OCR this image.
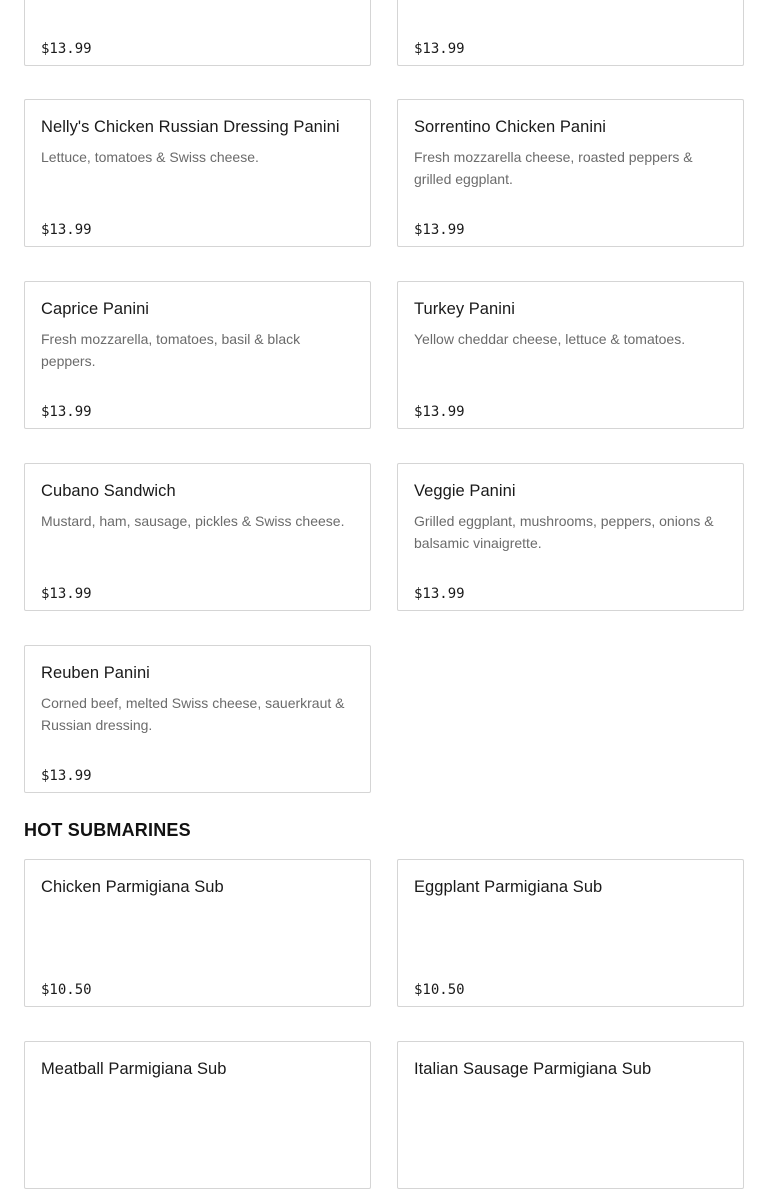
$13.99	$13.99
Nelly's Chicken Russian Dressing Panini
Lettuce, tomatoes & Swiss cheese.
$13.99
Sorrentino Chicken Panini
Fresh mozzarella cheese, roasted peppers & grilled eggplant.
$13.99
Caprice Panini
Fresh mozzarella, tomatoes, basil & black peppers.
$13.99
Turkey Panini
Yellow cheddar cheese, lettuce & tomatoes.
$13.99
Cubano Sandwich
Mustard, ham, sausage, pickles & Swiss cheese.
$13.99
Veggie Panini
Grilled eggplant, mushrooms, peppers, onions & balsamic vinaigrette.
$13.99
Reuben Panini
Corned beef, melted Swiss cheese, sauerkraut & Russian dressing.
$13.99
HOT SUBMARINES
Chicken Parmigiana Sub
$10.50
Eggplant Parmigiana Sub
$10.50
Meatball Parmigiana Sub	Italian Sausage Parmigiana Sub
